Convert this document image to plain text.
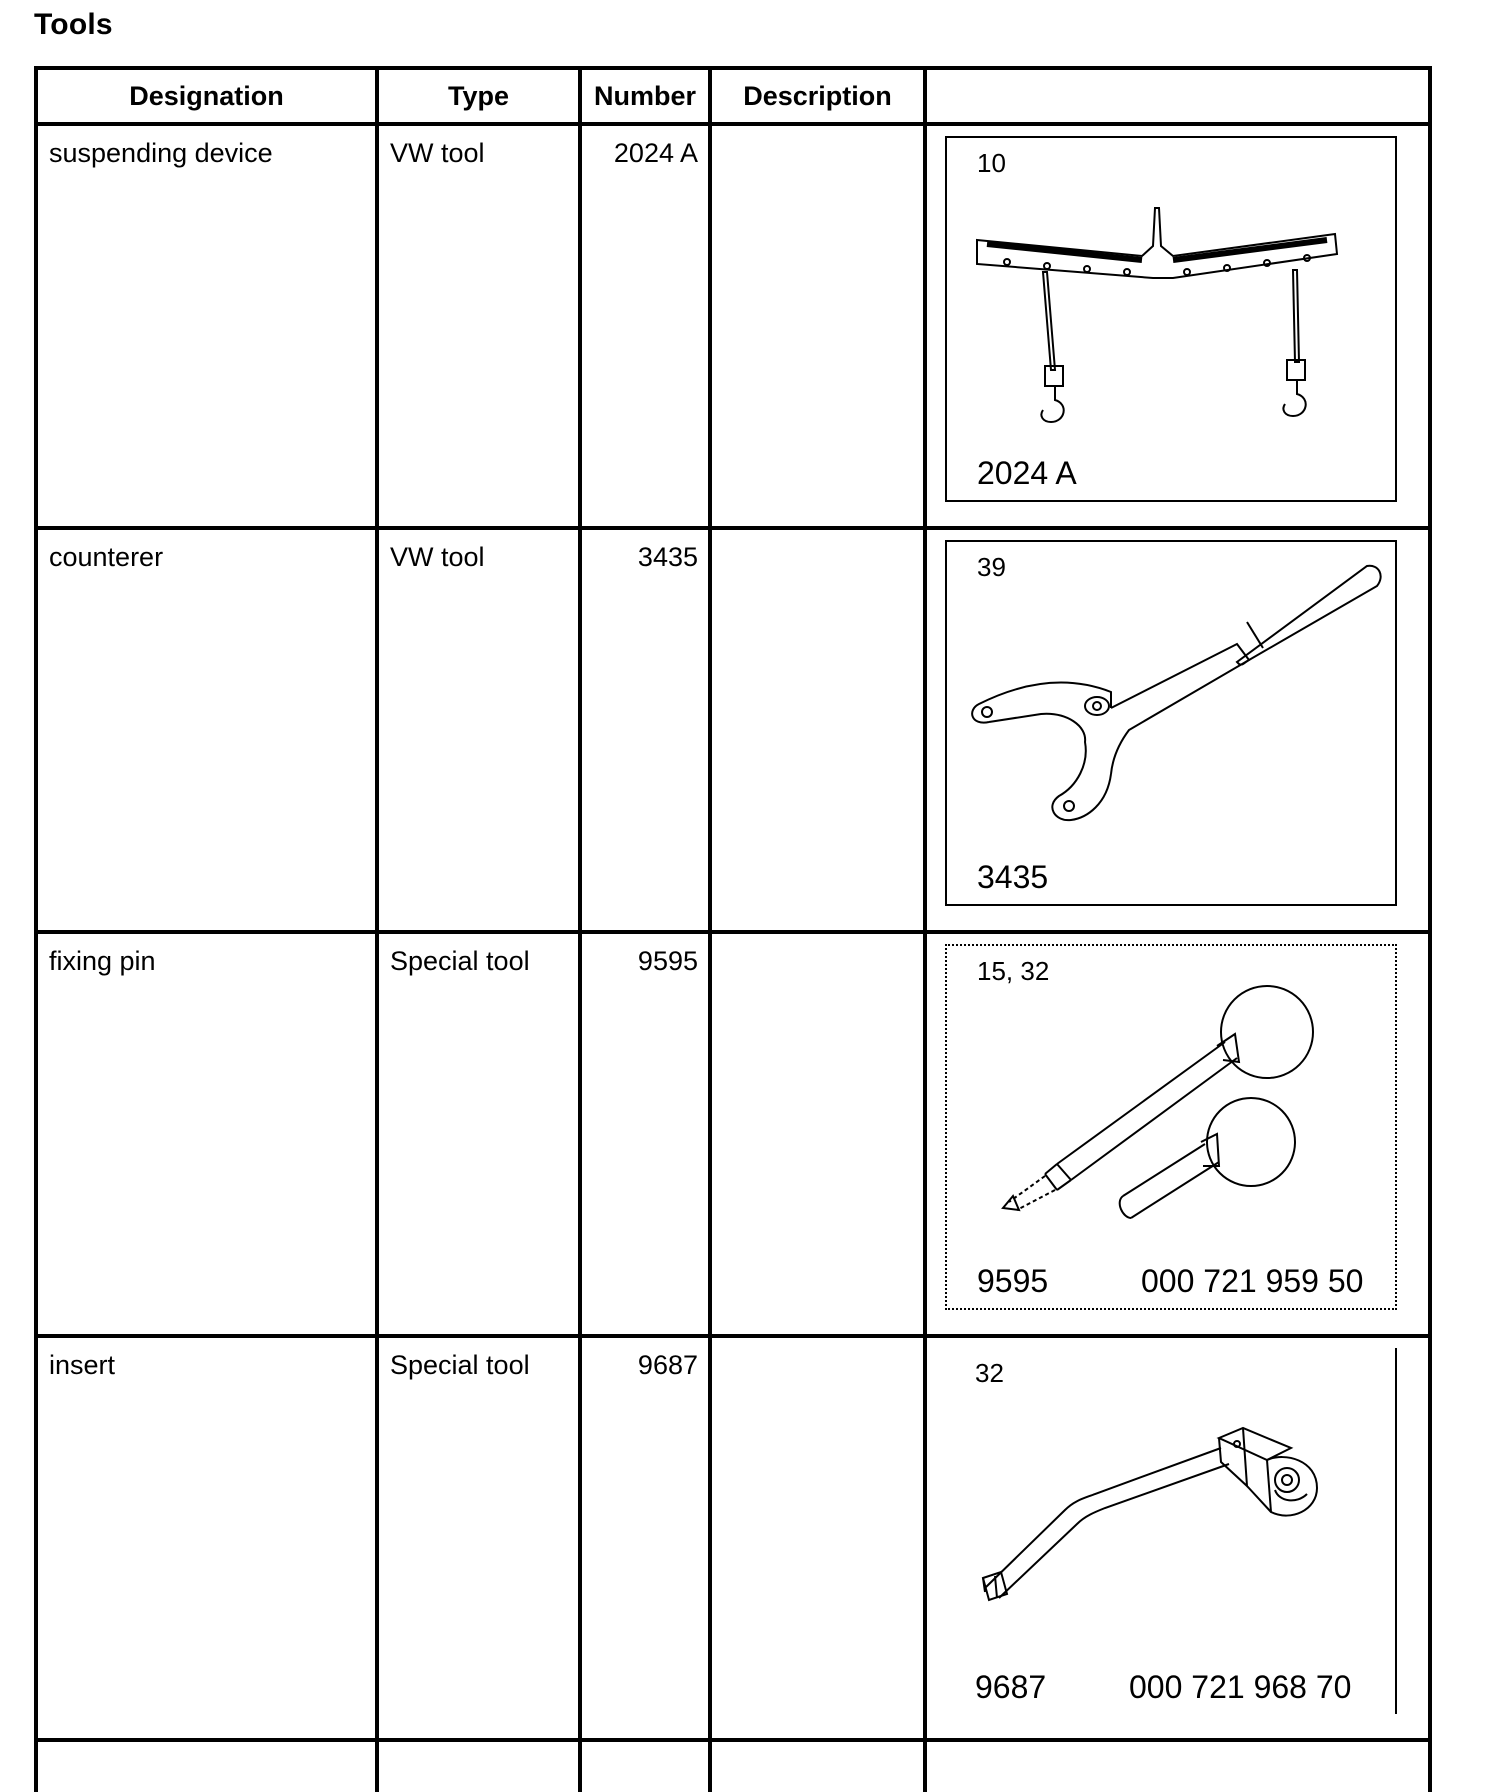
Tools
Designation	Type	Number	Description	
suspending device	VW tool	2024 A		10
2024 A

counterer	VW tool	3435		39
3435

fixing pin	Special tool	9595		15, 32
9595 000 721 959 50

insert	Special tool	9687		32
9687 000 721 968 70
